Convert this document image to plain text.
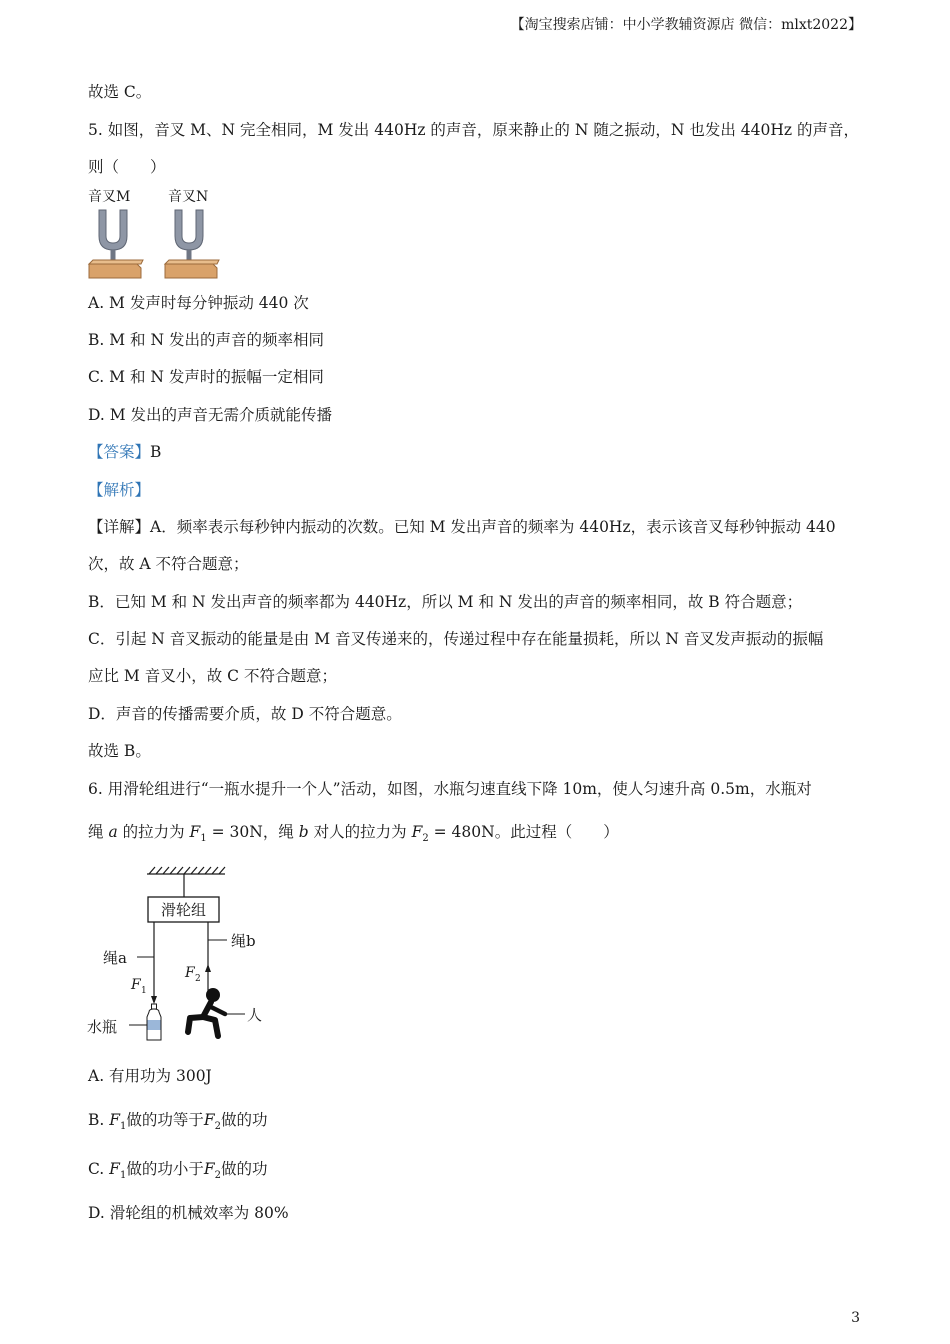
【淘宝搜索店铺：中小学教辅资源店 微信：mlxt2022】
故选 C。
5. 如图，音叉 M、N 完全相同，M 发出 440Hz 的声音，原来静止的 N 随之振动，N 也发出 440Hz 的声音，
则（　　）
音叉M	音叉N
A. M 发声时每分钟振动 440 次
B. M 和 N 发出的声音的频率相同
C. M 和 N 发声时的振幅一定相同
D. M 发出的声音无需介质就能传播
【答案】B
【解析】
【详解】A．频率表示每秒钟内振动的次数。已知 M 发出声音的频率为 440Hz，表示该音叉每秒钟振动 440
次，故 A 不符合题意；
B．已知 M 和 N 发出声音的频率都为 440Hz，所以 M 和 N 发出的声音的频率相同，故 B 符合题意；
C．引起 N 音叉振动的能量是由 M 音叉传递来的，传递过程中存在能量损耗，所以 N 音叉发声振动的振幅
应比 M 音叉小，故 C 不符合题意；
D．声音的传播需要介质，故 D 不符合题意。
故选 B。
6. 用滑轮组进行“一瓶水提升一个人”活动，如图，水瓶匀速直线下降 10m，使人匀速升高 0.5m，水瓶对
绳 a 的拉力为 $F_1 = 30N$，绳 b 对人的拉力为 $F_2 = 480N$。此过程（　　）
滑轮组
绳a
F 1
水瓶
绳b
F 2
人
A. 有用功为 300J
B. $F_1$做的功等于$F_2$做的功
C. $F_1$做的功小于$F_2$做的功
D. 滑轮组的机械效率为 80%
3
